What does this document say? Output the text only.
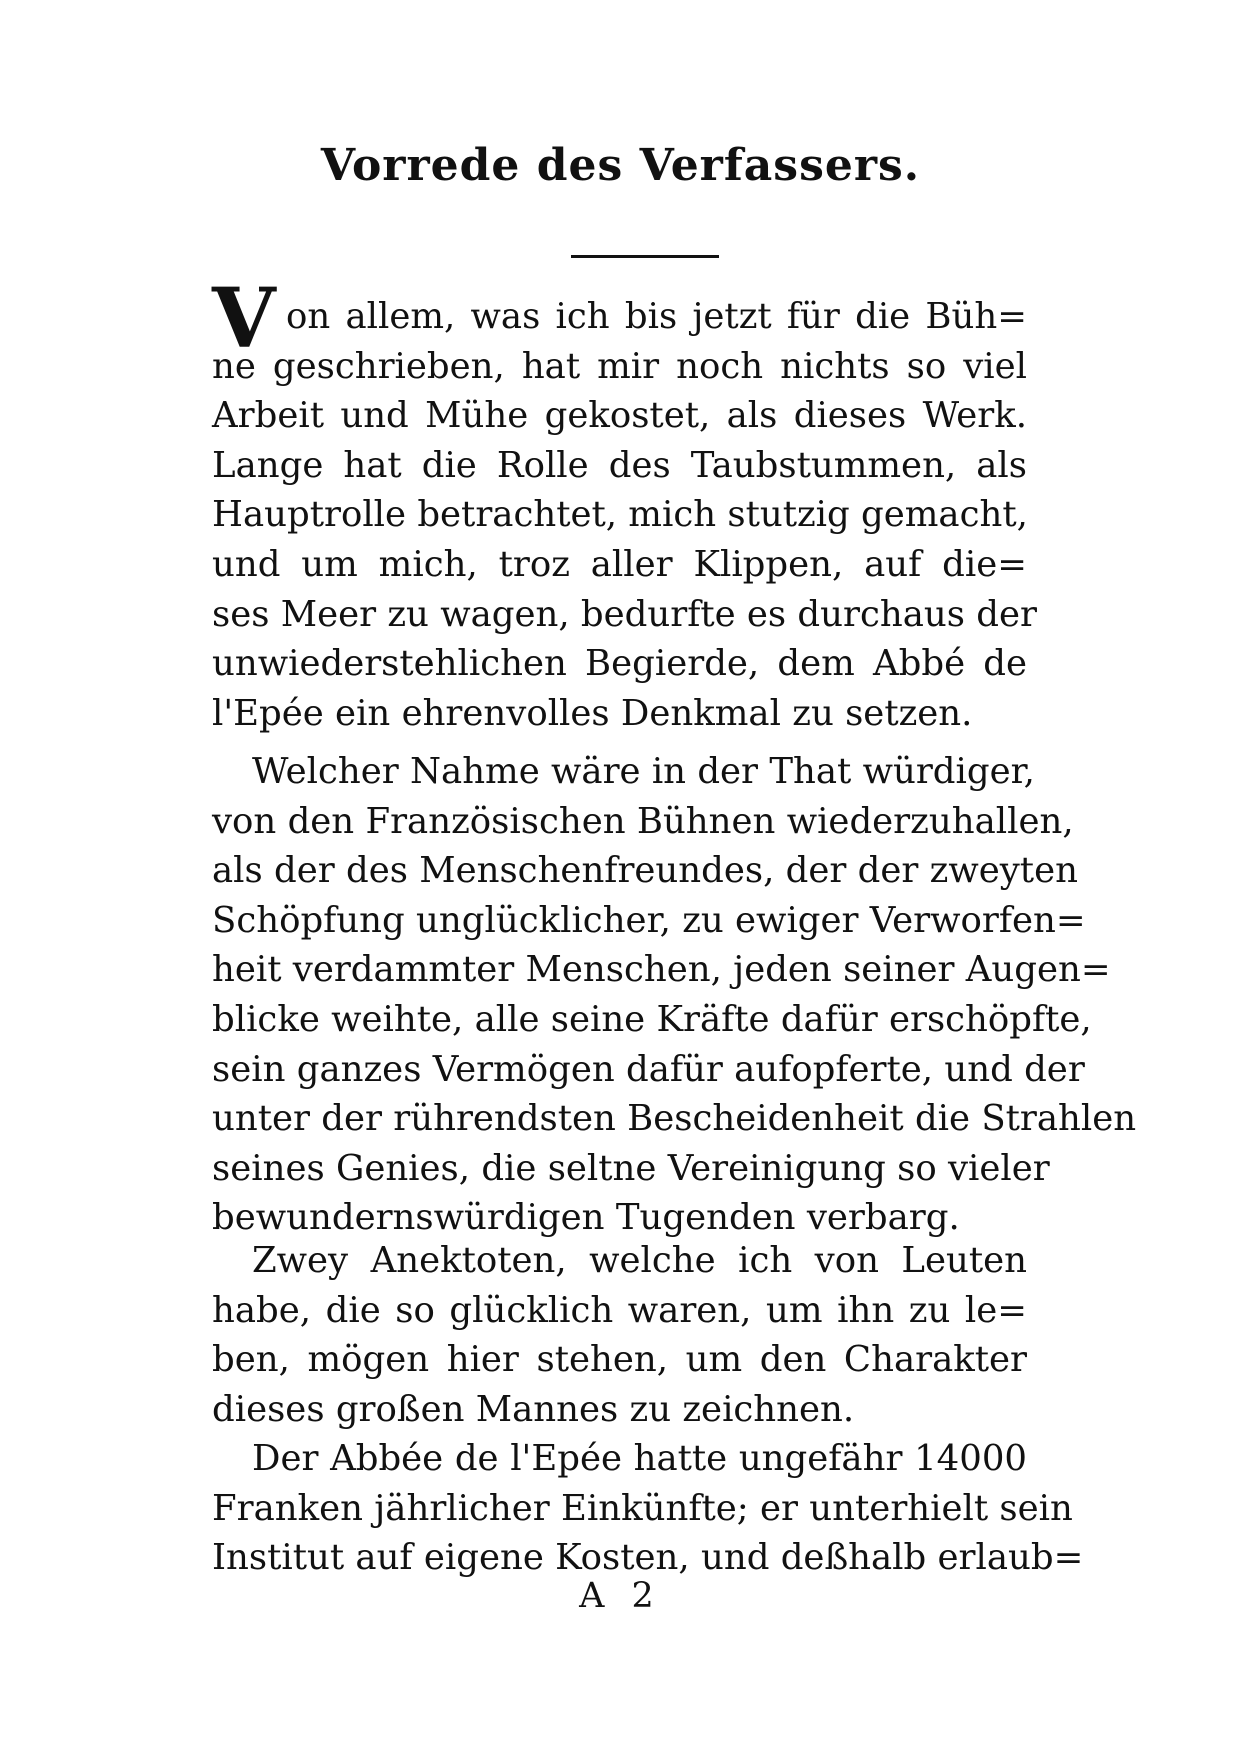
Vorrede des Verfassers.
V on allem, was ich bis jetzt für die Büh=
ne geschrieben, hat mir noch nichts so viel
Arbeit und Mühe gekostet, als dieses Werk.
Lange hat die Rolle des Taubstummen, als
Hauptrolle betrachtet, mich stutzig gemacht,
und um mich, troz aller Klippen, auf die=
ses Meer zu wagen, bedurfte es durchaus der
unwiederstehlichen Begierde, dem Abbé de
l'Epée ein ehrenvolles Denkmal zu setzen.
Welcher Nahme wäre in der That würdiger,
von den Französischen Bühnen wiederzuhallen,
als der des Menschenfreundes, der der zweyten
Schöpfung unglücklicher, zu ewiger Verworfen=
heit verdammter Menschen, jeden seiner Augen=
blicke weihte, alle seine Kräfte dafür erschöpfte,
sein ganzes Vermögen dafür aufopferte, und der
unter der rührendsten Bescheidenheit die Strahlen
seines Genies, die seltne Vereinigung so vieler
bewundernswürdigen Tugenden verbarg.
Zwey Anektoten, welche ich von Leuten
habe, die so glücklich waren, um ihn zu le=
ben, mögen hier stehen, um den Charakter
dieses großen Mannes zu zeichnen.
Der Abbée de l'Epée hatte ungefähr 14000
Franken jährlicher Einkünfte; er unterhielt sein
Institut auf eigene Kosten, und deßhalb erlaub=
A 2
